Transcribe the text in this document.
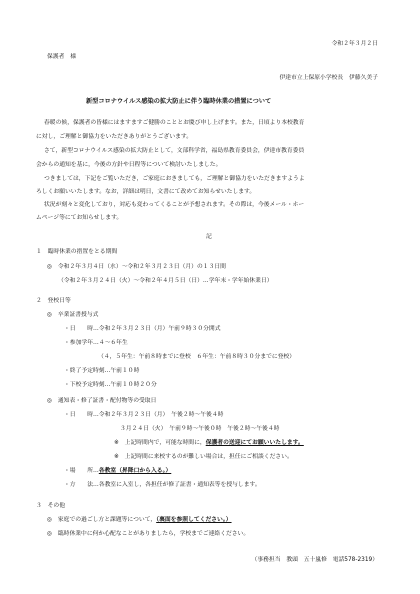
令和２年３月２日
保護者　様
伊達市立上保原小学校長　伊藤久美子
新型コロナウイルス感染の拡大防止に伴う臨時休業の措置について
春暖の候，保護者の皆様にはますますご健勝のこととお慶び申し上げます。また，日頃より本校教育
に対し，ご理解と御協力をいただきありがとうございます。
さて，新型コロナウイルス感染の拡大防止として，文部科学省，福島県教育委員会，伊達市教育委員
会からの通知を基に，今後の方針や日程等について検討いたしました。
つきましては，下記をご覧いただき，ご家庭におきましても，ご理解と御協力をいただきますようよ
ろしくお願いいたします。なお，詳細は明日，文書にて改めてお知らせいたします。
状況が刻々と変化しており，対応も変わってくることが予想されます。その際は，今後メール・ホー
ムページ等にてお知らせします。
記
１　臨時休業の措置をとる期間
◎　令和２年３月４日（水）～令和２年３月２３日（月）の１３日間
（令和２年３月２４日（火）～令和２年４月５日（日）…学年末・学年始休業日）
２　登校日等
◎　卒業証書授与式
・日　　時…令和２年３月２３日（月）午前９時３０分開式
・参加学年…４～６年生
（４，５年生：午前８時までに登校　６年生：午前８時３０分までに登校）
・終了予定時刻…午前１０時
・下校予定時刻…午前１０時２０分
◎　通知表・修了証書・配付物等の受取日
・日　　時…令和２年３月２３日（月）　午後２時～午後４時
３月２４日（火）　午前９時～午後０時　午後２時～午後４時
※　上記時間内で，可能な時間に，保護者の送迎にてお願いいたします。
※　上記時間に来校するのが難しい場合は，担任にご相談ください。
・場　　所…各教室（昇降口から入る。）
・方　　法…各教室に入室し，各担任が修了証書・通知表等を授与します。
３　その他
◎　家庭での過ごし方と課題等について，（裏面を参照してください。）
◎　臨時休業中に何か心配なことがありましたら，学校までご連絡ください。
（事務担当　教頭　五十嵐修　電話578-2319）
